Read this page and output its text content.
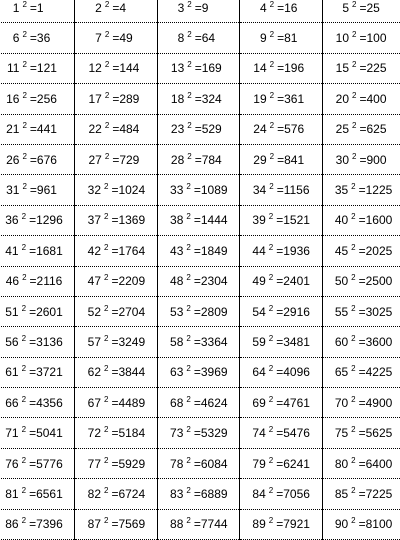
1 $^2$ =1	2 $^2$ =4	3 $^2$ =9	4 $^2$ =16	5 $^2$ =25
6 $^2$ =36	7 $^2$ =49	8 $^2$ =64	9 $^2$ =81	10 $^2$ =100
11 $^2$ =121	12 $^2$ =144	13 $^2$ =169	14 $^2$ =196	15 $^2$ =225
16 $^2$ =256	17 $^2$ =289	18 $^2$ =324	19 $^2$ =361	20 $^2$ =400
21 $^2$ =441	22 $^2$ =484	23 $^2$ =529	24 $^2$ =576	25 $^2$ =625
26 $^2$ =676	27 $^2$ =729	28 $^2$ =784	29 $^2$ =841	30 $^2$ =900
31 $^2$ =961	32 $^2$ =1024	33 $^2$ =1089	34 $^2$ =1156	35 $^2$ =1225
36 $^2$ =1296	37 $^2$ =1369	38 $^2$ =1444	39 $^2$ =1521	40 $^2$ =1600
41 $^2$ =1681	42 $^2$ =1764	43 $^2$ =1849	44 $^2$ =1936	45 $^2$ =2025
46 $^2$ =2116	47 $^2$ =2209	48 $^2$ =2304	49 $^2$ =2401	50 $^2$ =2500
51 $^2$ =2601	52 $^2$ =2704	53 $^2$ =2809	54 $^2$ =2916	55 $^2$ =3025
56 $^2$ =3136	57 $^2$ =3249	58 $^2$ =3364	59 $^2$ =3481	60 $^2$ =3600
61 $^2$ =3721	62 $^2$ =3844	63 $^2$ =3969	64 $^2$ =4096	65 $^2$ =4225
66 $^2$ =4356	67 $^2$ =4489	68 $^2$ =4624	69 $^2$ =4761	70 $^2$ =4900
71 $^2$ =5041	72 $^2$ =5184	73 $^2$ =5329	74 $^2$ =5476	75 $^2$ =5625
76 $^2$ =5776	77 $^2$ =5929	78 $^2$ =6084	79 $^2$ =6241	80 $^2$ =6400
81 $^2$ =6561	82 $^2$ =6724	83 $^2$ =6889	84 $^2$ =7056	85 $^2$ =7225
86 $^2$ =7396	87 $^2$ =7569	88 $^2$ =7744	89 $^2$ =7921	90 $^2$ =8100
